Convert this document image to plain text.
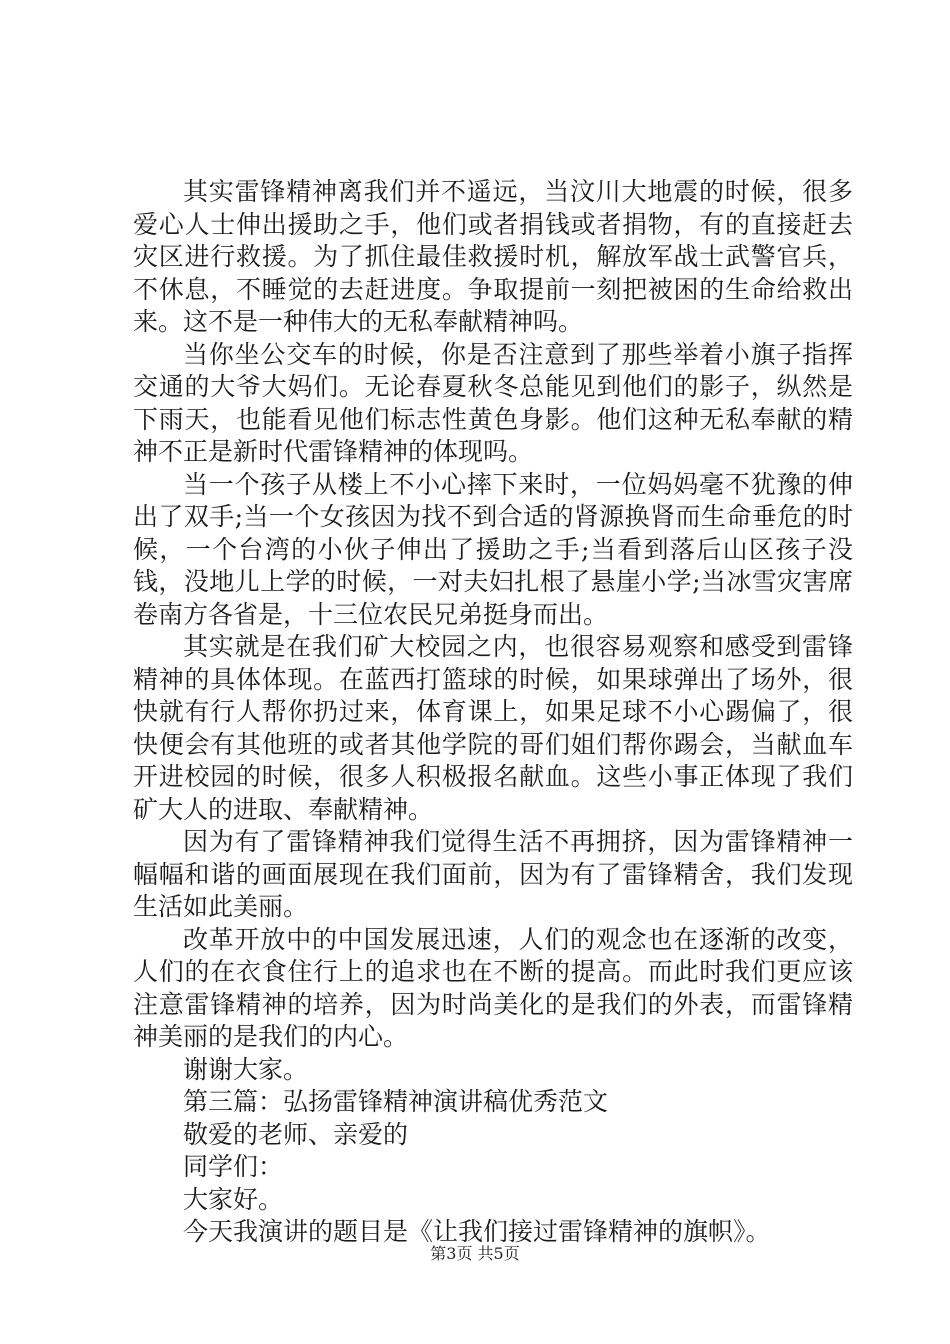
其实雷锋精神离我们并不遥远，当汶川大地震的时候，很多爱心人士伸出援助之手，他们或者捐钱或者捐物，有的直接赶去灾区进行救援。为了抓住最佳救援时机，解放军战士武警官兵，不休息，不睡觉的去赶进度。争取提前一刻把被困的生命给救出来。这不是一种伟大的无私奉献精神吗。

当你坐公交车的时候，你是否注意到了那些举着小旗子指挥交通的大爷大妈们。无论春夏秋冬总能见到他们的影子，纵然是下雨天，也能看见他们标志性黄色身影。他们这种无私奉献的精神不正是新时代雷锋精神的体现吗。

当一个孩子从楼上不小心摔下来时，一位妈妈毫不犹豫的伸出了双手;当一个女孩因为找不到合适的肾源换肾而生命垂危的时候，一个台湾的小伙子伸出了援助之手;当看到落后山区孩子没钱，没地儿上学的时候，一对夫妇扎根了悬崖小学;当冰雪灾害席卷南方各省是，十三位农民兄弟挺身而出。

其实就是在我们矿大校园之内，也很容易观察和感受到雷锋精神的具体体现。在蓝西打篮球的时候，如果球弹出了场外，很快就有行人帮你扔过来，体育课上，如果足球不小心踢偏了，很快便会有其他班的或者其他学院的哥们姐们帮你踢会，当献血车开进校园的时候，很多人积极报名献血。这些小事正体现了我们矿大人的进取、奉献精神。

因为有了雷锋精神我们觉得生活不再拥挤，因为雷锋精神一幅幅和谐的画面展现在我们面前，因为有了雷锋精舍，我们发现生活如此美丽。

改革开放中的中国发展迅速，人们的观念也在逐渐的改变，人们的在衣食住行上的追求也在不断的提高。而此时我们更应该注意雷锋精神的培养，因为时尚美化的是我们的外表，而雷锋精神美丽的是我们的内心。

谢谢大家。

第三篇：弘扬雷锋精神演讲稿优秀范文

敬爱的老师、亲爱的

同学们：

大家好。

今天我演讲的题目是《让我们接过雷锋精神的旗帜》。

第3页 共5页
